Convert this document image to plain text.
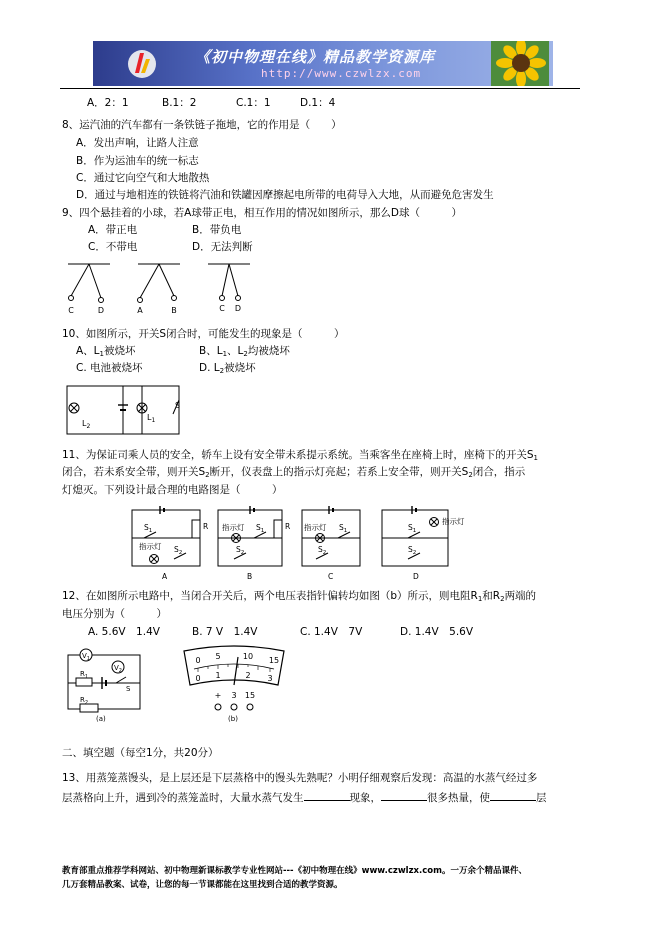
《初中物理在线》精品教学资源库
http://www.czwlzx.com
A．2：1	B.1：2	C.1：1	D.1：4
8、运汽油的汽车都有一条铁链子拖地，它的作用是（　　）
A．发出声响，让路人注意
B．作为运油车的统一标志
C．通过它向空气和大地散热
D．通过与地相连的铁链将汽油和铁罐因摩擦起电所带的电荷导入大地，从而避免危害发生
9、四个悬挂着的小球，若A球带正电，相互作用的情况如图所示，那么D球（　　　）
A．带正电	B．带负电
C．不带电	D．无法判断
C	D	A	B	C D
10、如图所示，开关S闭合时，可能发生的现象是（　　　）
A、$L_1$被烧坏	B、$L_1$、$L_2$均被烧坏
C. 电池被烧坏	D. $L_2$被烧坏
$L_2$
$L_1$
S
11、为保证司乘人员的安全，轿车上设有安全带未系提示系统。当乘客坐在座椅上时，座椅下的开关$S_1$
闭合，若未系安全带，则开关$S_2$断开，仪表盘上的指示灯亮起；若系上安全带，则开关$S_2$闭合，指示
灯熄灭。下列设计最合理的电路图是（　　　）
$S_1$	R
指示灯 $S_2$
A
指示灯 $S_1$	R
$S_2$
B
指示灯 $S_1$
$S_2$
C
指示灯
$S_1$
$S_2$
D
12、在如图所示电路中，当闭合开关后，两个电压表指针偏转均如图（b）所示，则电阻$R_1$和$R_2$两端的
电压分别为（　　　）
A. 5.6V　1.4V	B. 7 V　1.4V	C. 1.4V　7V	D. 1.4V　5.6V
$V_1$
$V_2$
$R_1$
S
$R_2$
(a)
0 5	10 15
0 1	2 3
+ 3 15
(b)
二、填空题（每空1分，共20分）
13、用蒸笼蒸馒头，是上层还是下层蒸格中的馒头先熟呢？小明仔细观察后发现：高温的水蒸气经过多
层蒸格向上升，遇到冷的蒸笼盖时，大量水蒸气发生	现象，	很多热量，使	层
教育部重点推荐学科网站、初中物理新课标教学专业性网站---《初中物理在线》www.czwlzx.com。一万余个精品课件、
几万套精品教案、试卷，让您的每一节课都能在这里找到合适的教学资源。
